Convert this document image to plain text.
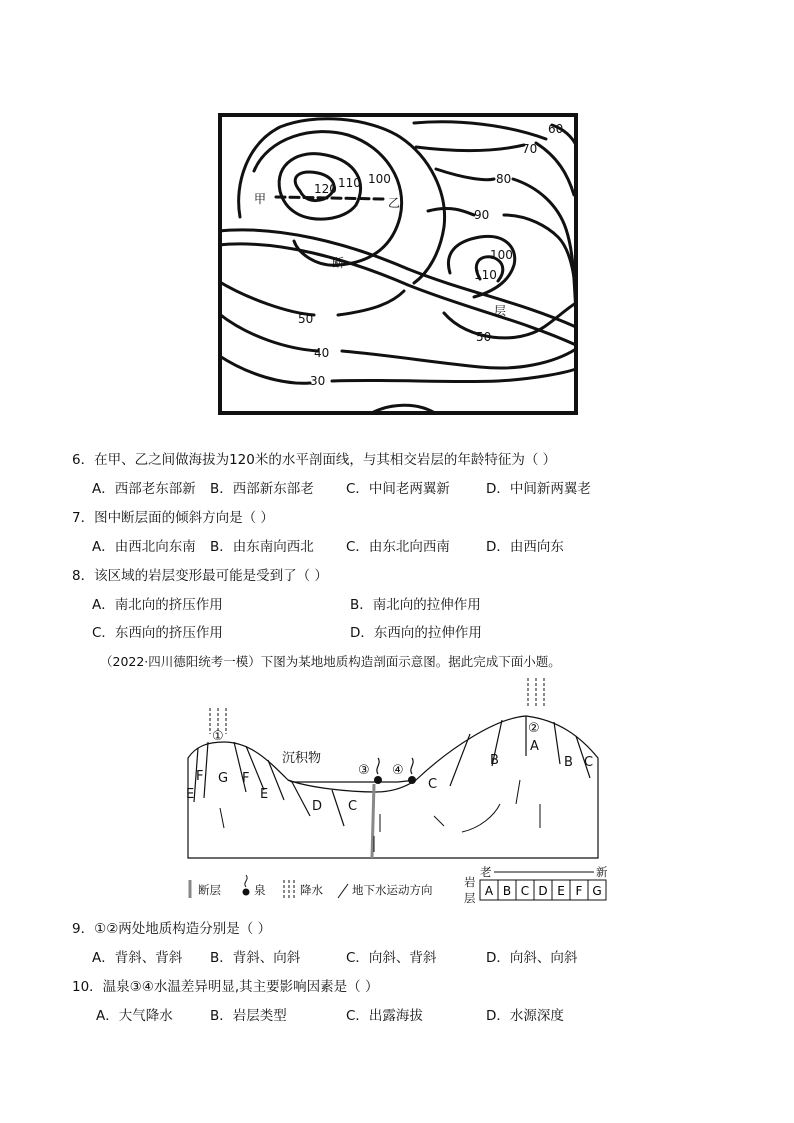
甲	乙
断
层
60
70
80
90
100
110
120
100
110
50
50
40
30
6．在甲、乙之间做海拔为120米的水平剖面线，与其相交岩层的年龄特征为（ ）
A．西部老东部新 B．西部新东部老 C．中间老两翼新	D．中间新两翼老
7．图中断层面的倾斜方向是（ ）
A．由西北向东南 B．由东南向西北 C．由东北向西南	D．由西向东
8．该区域的岩层变形最可能是受到了（ ）
A．南北向的挤压作用	B．南北向的拉伸作用
C．东西向的挤压作用	D．东西向的拉伸作用
（2022·四川德阳统考一模）下图为某地地质构造剖面示意图。据此完成下面小题。
①
②
③ ④
沉积物
F G F
E	E
D C
C
B
A
B C
断层	泉	降水	地下水运动方向
岩
层
老	新
A B C D E F G
9．①②两处地质构造分别是（ ）
A．背斜、背斜 B．背斜、向斜	C．向斜、背斜	D．向斜、向斜
10．温泉③④水温差异明显,其主要影响因素是（ ）
A．大气降水	B．岩层类型	C．出露海拔	D．水源深度
